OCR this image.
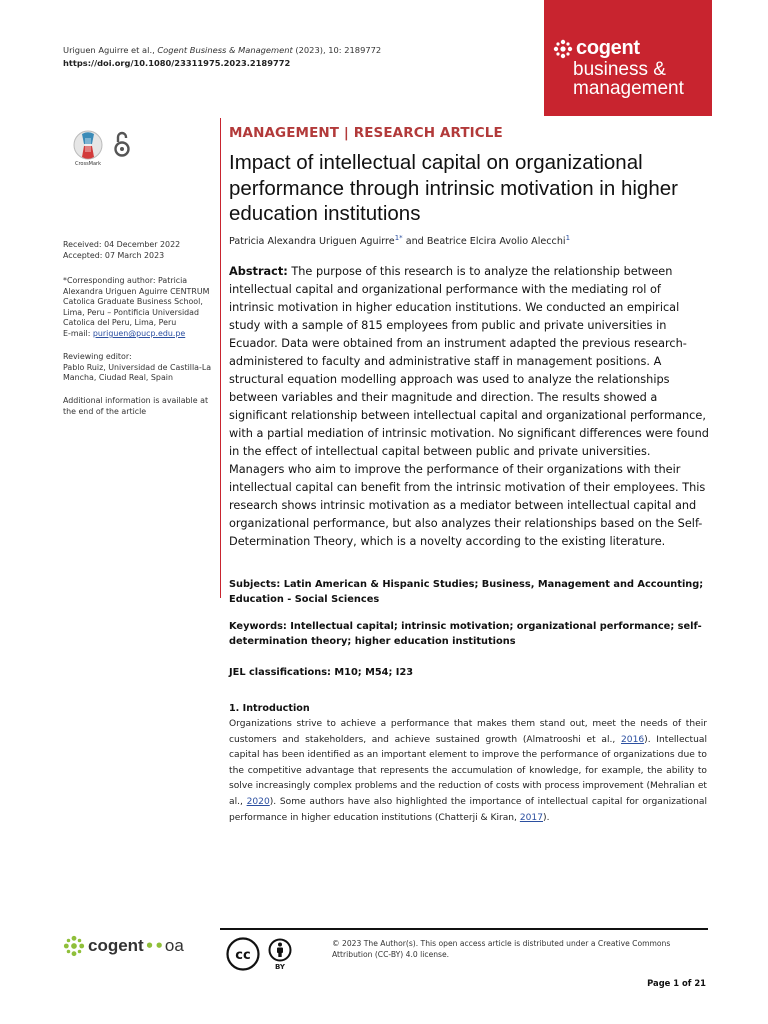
Uriguen Aguirre et al., Cogent Business & Management (2023), 10: 2189772
https://doi.org/10.1080/23311975.2023.2189772
cogent
business &
management
CrossMark
MANAGEMENT | RESEARCH ARTICLE
Impact of intellectual capital on organizational performance through intrinsic motivation in higher education institutions
Patricia Alexandra Uriguen Aguirre$^{1*}$ and Beatrice Elcira Avolio Alecchi$^1$
Received: 04 December 2022
Accepted: 07 March 2023
*Corresponding author: Patricia Alexandra Uriguen Aguirre CENTRUM Catolica Graduate Business School, Lima, Peru – Pontificia Universidad Catolica del Peru, Lima, Peru
E-mail: puriguen@pucp.edu.pe
Reviewing editor:
Pablo Ruiz, Universidad de Castilla-La Mancha, Ciudad Real, Spain
Additional information is available at the end of the article
Abstract: The purpose of this research is to analyze the relationship between intellectual capital and organizational performance with the mediating rol of intrinsic motivation in higher education institutions. We conducted an empirical study with a sample of 815 employees from public and private universities in Ecuador. Data were obtained from an instrument adapted the previous research-administered to faculty and administrative staff in management positions. A structural equation modelling approach was used to analyze the relationships between variables and their magnitude and direction. The results showed a significant relationship between intellectual capital and organizational performance, with a partial mediation of intrinsic motivation. No significant differences were found in the effect of intellectual capital between public and private universities. Managers who aim to improve the performance of their organizations with their intellectual capital can benefit from the intrinsic motivation of their employees. This research shows intrinsic motivation as a mediator between intellectual capital and organizational performance, but also analyzes their relationships based on the Self-Determination Theory, which is a novelty according to the existing literature.
Subjects: Latin American & Hispanic Studies; Business, Management and Accounting; Education - Social Sciences
Keywords: Intellectual capital; intrinsic motivation; organizational performance; self-determination theory; higher education institutions
JEL classifications: M10; M54; I23
1. Introduction
Organizations strive to achieve a performance that makes them stand out, meet the needs of their customers and stakeholders, and achieve sustained growth (Almatrooshi et al., 2016). Intellectual capital has been identified as an important element to improve the performance of organizations due to the competitive advantage that represents the accumulation of knowledge, for example, the ability to solve increasingly complex problems and the reduction of costs with process improvement (Mehralian et al., 2020). Some authors have also highlighted the importance of intellectual capital for organizational performance in higher education institutions (Chatterji & Kiran, 2017).
cogent •• oa
cc
BY
© 2023 The Author(s). This open access article is distributed under a Creative Commons Attribution (CC-BY) 4.0 license.
Page 1 of 21
